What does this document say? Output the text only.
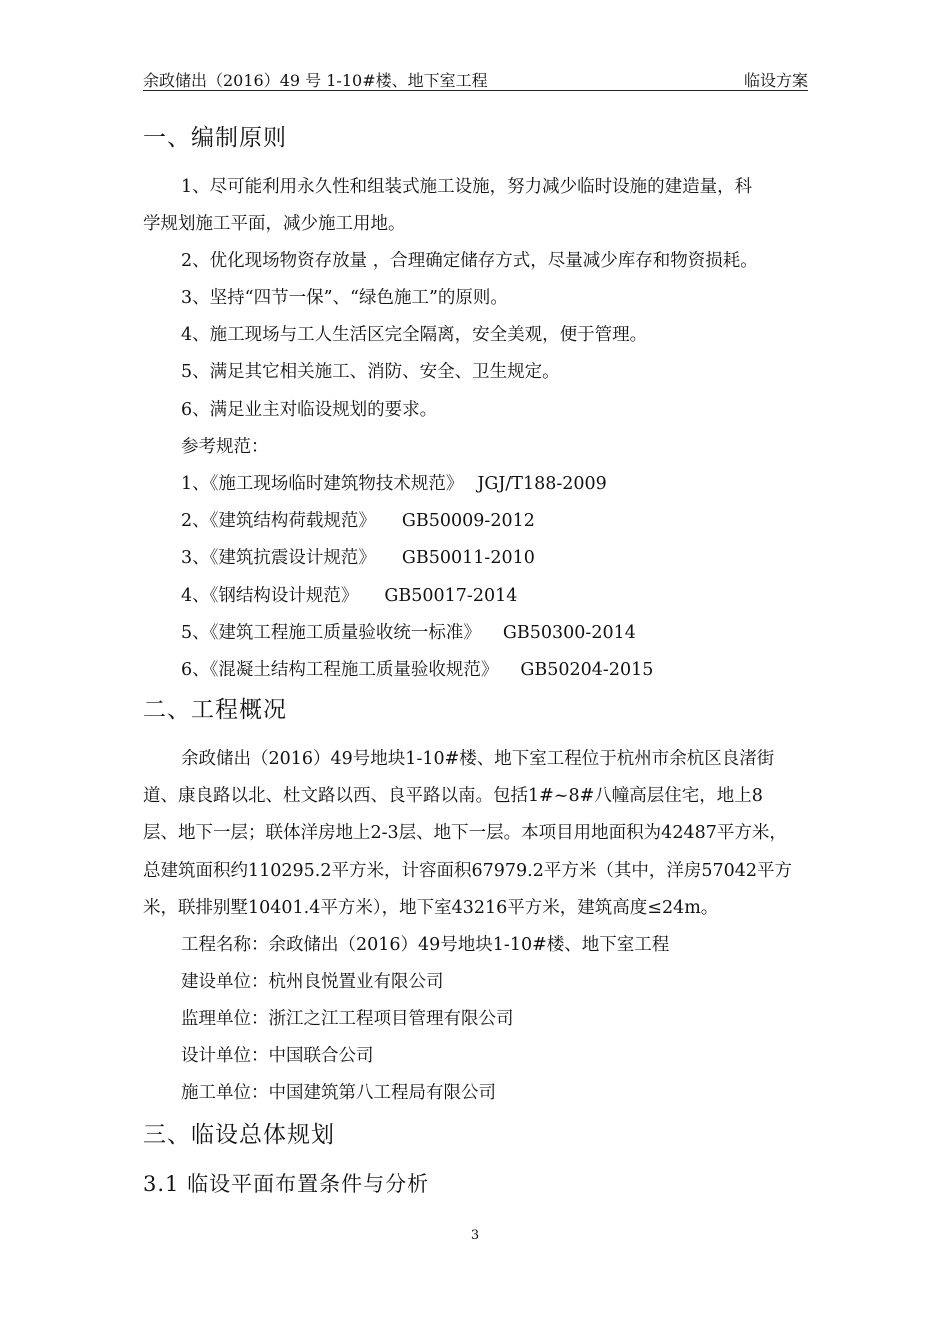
余政储出（2016）49 号 1-10#楼、地下室工程	临设方案
一、编制原则
1、尽可能利用永久性和组装式施工设施，努力减少临时设施的建造量，科
学规划施工平面，减少施工用地。
2、优化现场物资存放量 ，合理确定储存方式，尽量减少库存和物资损耗。
3、坚持“四节一保”、“绿色施工”的原则。
4、施工现场与工人生活区完全隔离，安全美观，便于管理。
5、满足其它相关施工、消防、安全、卫生规定。
6、满足业主对临设规划的要求。
参考规范：
1、《施工现场临时建筑物技术规范》 JGJ/T188-2009
2、《建筑结构荷载规范》 GB50009-2012
3、《建筑抗震设计规范》 GB50011-2010
4、《钢结构设计规范》 GB50017-2014
5、《建筑工程施工质量验收统一标准》 GB50300-2014
6、《混凝土结构工程施工质量验收规范》 GB50204-2015
二、工程概况
余政储出（2016）49号地块1-10#楼、地下室工程位于杭州市余杭区良渚街
道、康良路以北、杜文路以西、良平路以南。包括1#~8#八幢高层住宅，地上8
层、地下一层；联体洋房地上2-3层、地下一层。本项目用地面积为42487平方米，
总建筑面积约110295.2平方米，计容面积67979.2平方米（其中，洋房57042平方
米，联排别墅10401.4平方米），地下室43216平方米，建筑高度≤24m。
工程名称：余政储出（2016）49号地块1-10#楼、地下室工程
建设单位：杭州良悦置业有限公司
监理单位：浙江之江工程项目管理有限公司
设计单位：中国联合公司
施工单位：中国建筑第八工程局有限公司
三、临设总体规划
3.1 临设平面布置条件与分析
3
